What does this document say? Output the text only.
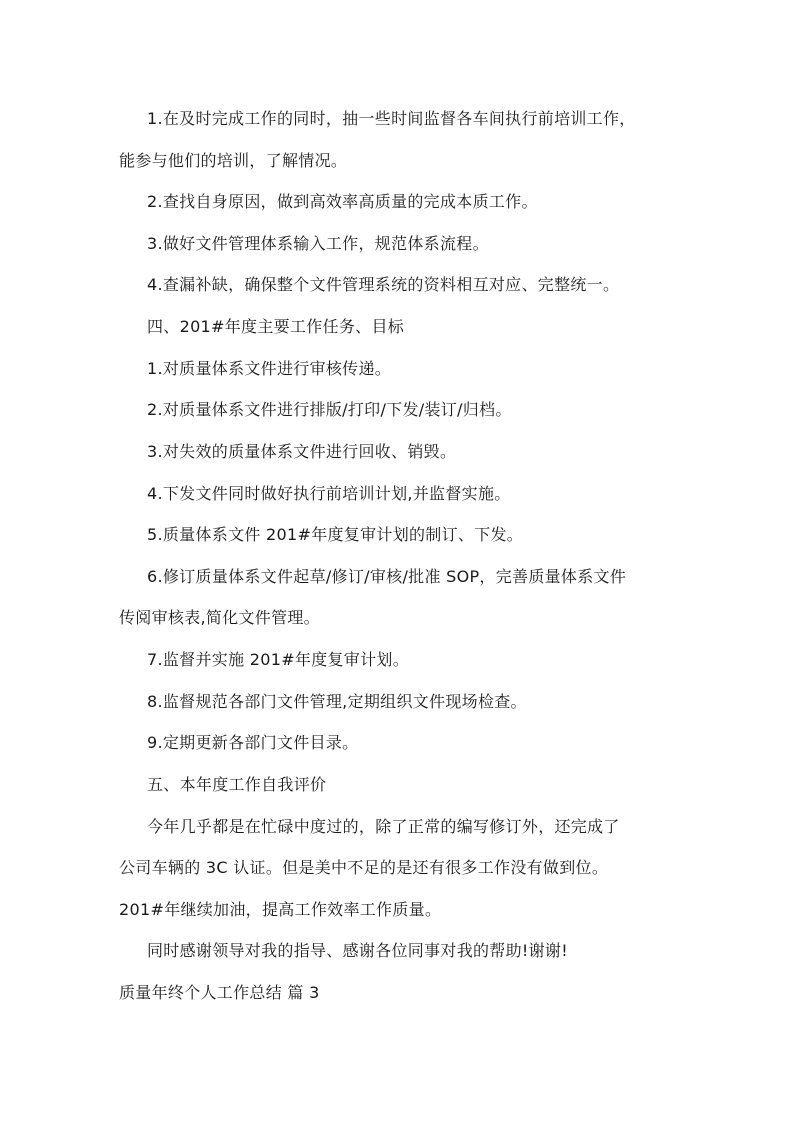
1.在及时完成工作的同时，抽一些时间监督各车间执行前培训工作，
能参与他们的培训，了解情况。
2.查找自身原因，做到高效率高质量的完成本质工作。
3.做好文件管理体系输入工作，规范体系流程。
4.查漏补缺，确保整个文件管理系统的资料相互对应、完整统一。
四、201#年度主要工作任务、目标
1.对质量体系文件进行审核传递。
2.对质量体系文件进行排版/打印/下发/装订/归档。
3.对失效的质量体系文件进行回收、销毁。
4.下发文件同时做好执行前培训计划,并监督实施。
5.质量体系文件 201#年度复审计划的制订、下发。
6.修订质量体系文件起草/修订/审核/批准 SOP，完善质量体系文件
传阅审核表,简化文件管理。
7.监督并实施 201#年度复审计划。
8.监督规范各部门文件管理,定期组织文件现场检查。
9.定期更新各部门文件目录。
五、本年度工作自我评价
今年几乎都是在忙碌中度过的，除了正常的编写修订外，还完成了
公司车辆的 3C 认证。但是美中不足的是还有很多工作没有做到位。
201#年继续加油，提高工作效率工作质量。
同时感谢领导对我的指导、感谢各位同事对我的帮助!谢谢!
质量年终个人工作总结 篇 3
